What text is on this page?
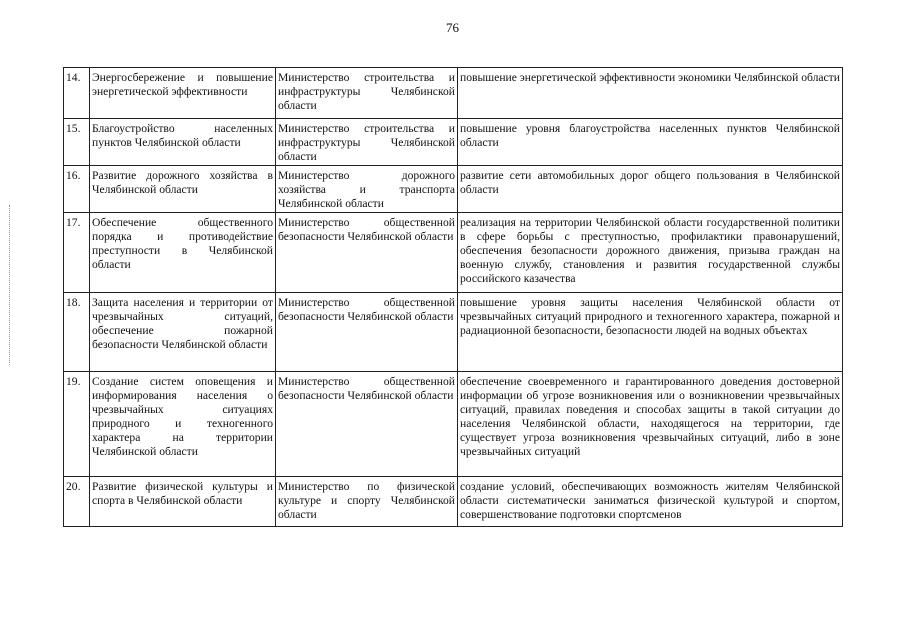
76
14.	Энергосбережение и повышение энергетической эффективности	Министерство строительства и инфраструктуры Челябинской области	повышение энергетической эффективности экономики Челябинской области
15.	Благоустройство населенных пунктов Челябинской области	Министерство строительства и инфраструктуры Челябинской области	повышение уровня благоустройства населенных пунктов Челябинской области
16.	Развитие дорожного хозяйства в Челябинской области	Министерство дорожного хозяйства и транспорта Челябинской области	развитие сети автомобильных дорог общего пользования в Челябинской области
17.	Обеспечение общественного порядка и противодействие преступности в Челябинской области	Министерство общественной безопасности Челябинской области	реализация на территории Челябинской области государственной политики в сфере борьбы с преступностью, профилактики правонарушений, обеспечения безопасности дорожного движения, призыва граждан на военную службу, становления и развития государственной службы российского казачества
18.	Защита населения и территории от чрезвычайных ситуаций, обеспечение пожарной безопасности Челябинской области	Министерство общественной безопасности Челябинской области	повышение уровня защиты населения Челябинской области от чрезвычайных ситуаций природного и техногенного характера, пожарной и радиационной безопасности, безопасности людей на водных объектах
19.	Создание систем оповещения и информирования населения о чрезвычайных ситуациях природного и техногенного характера на территории Челябинской области	Министерство общественной безопасности Челябинской области	обеспечение своевременного и гарантированного доведения достоверной информации об угрозе возникновения или о возникновении чрезвычайных ситуаций, правилах поведения и способах защиты в такой ситуации до населения Челябинской области, находящегося на территории, где существует угроза возникновения чрезвычайных ситуаций, либо в зоне чрезвычайных ситуаций
20.	Развитие физической культуры и спорта в Челябинской области	Министерство по физической культуре и спорту Челябинской области	создание условий, обеспечивающих возможность жителям Челябинской области систематически заниматься физической культурой и спортом, совершенствование подготовки спортсменов
